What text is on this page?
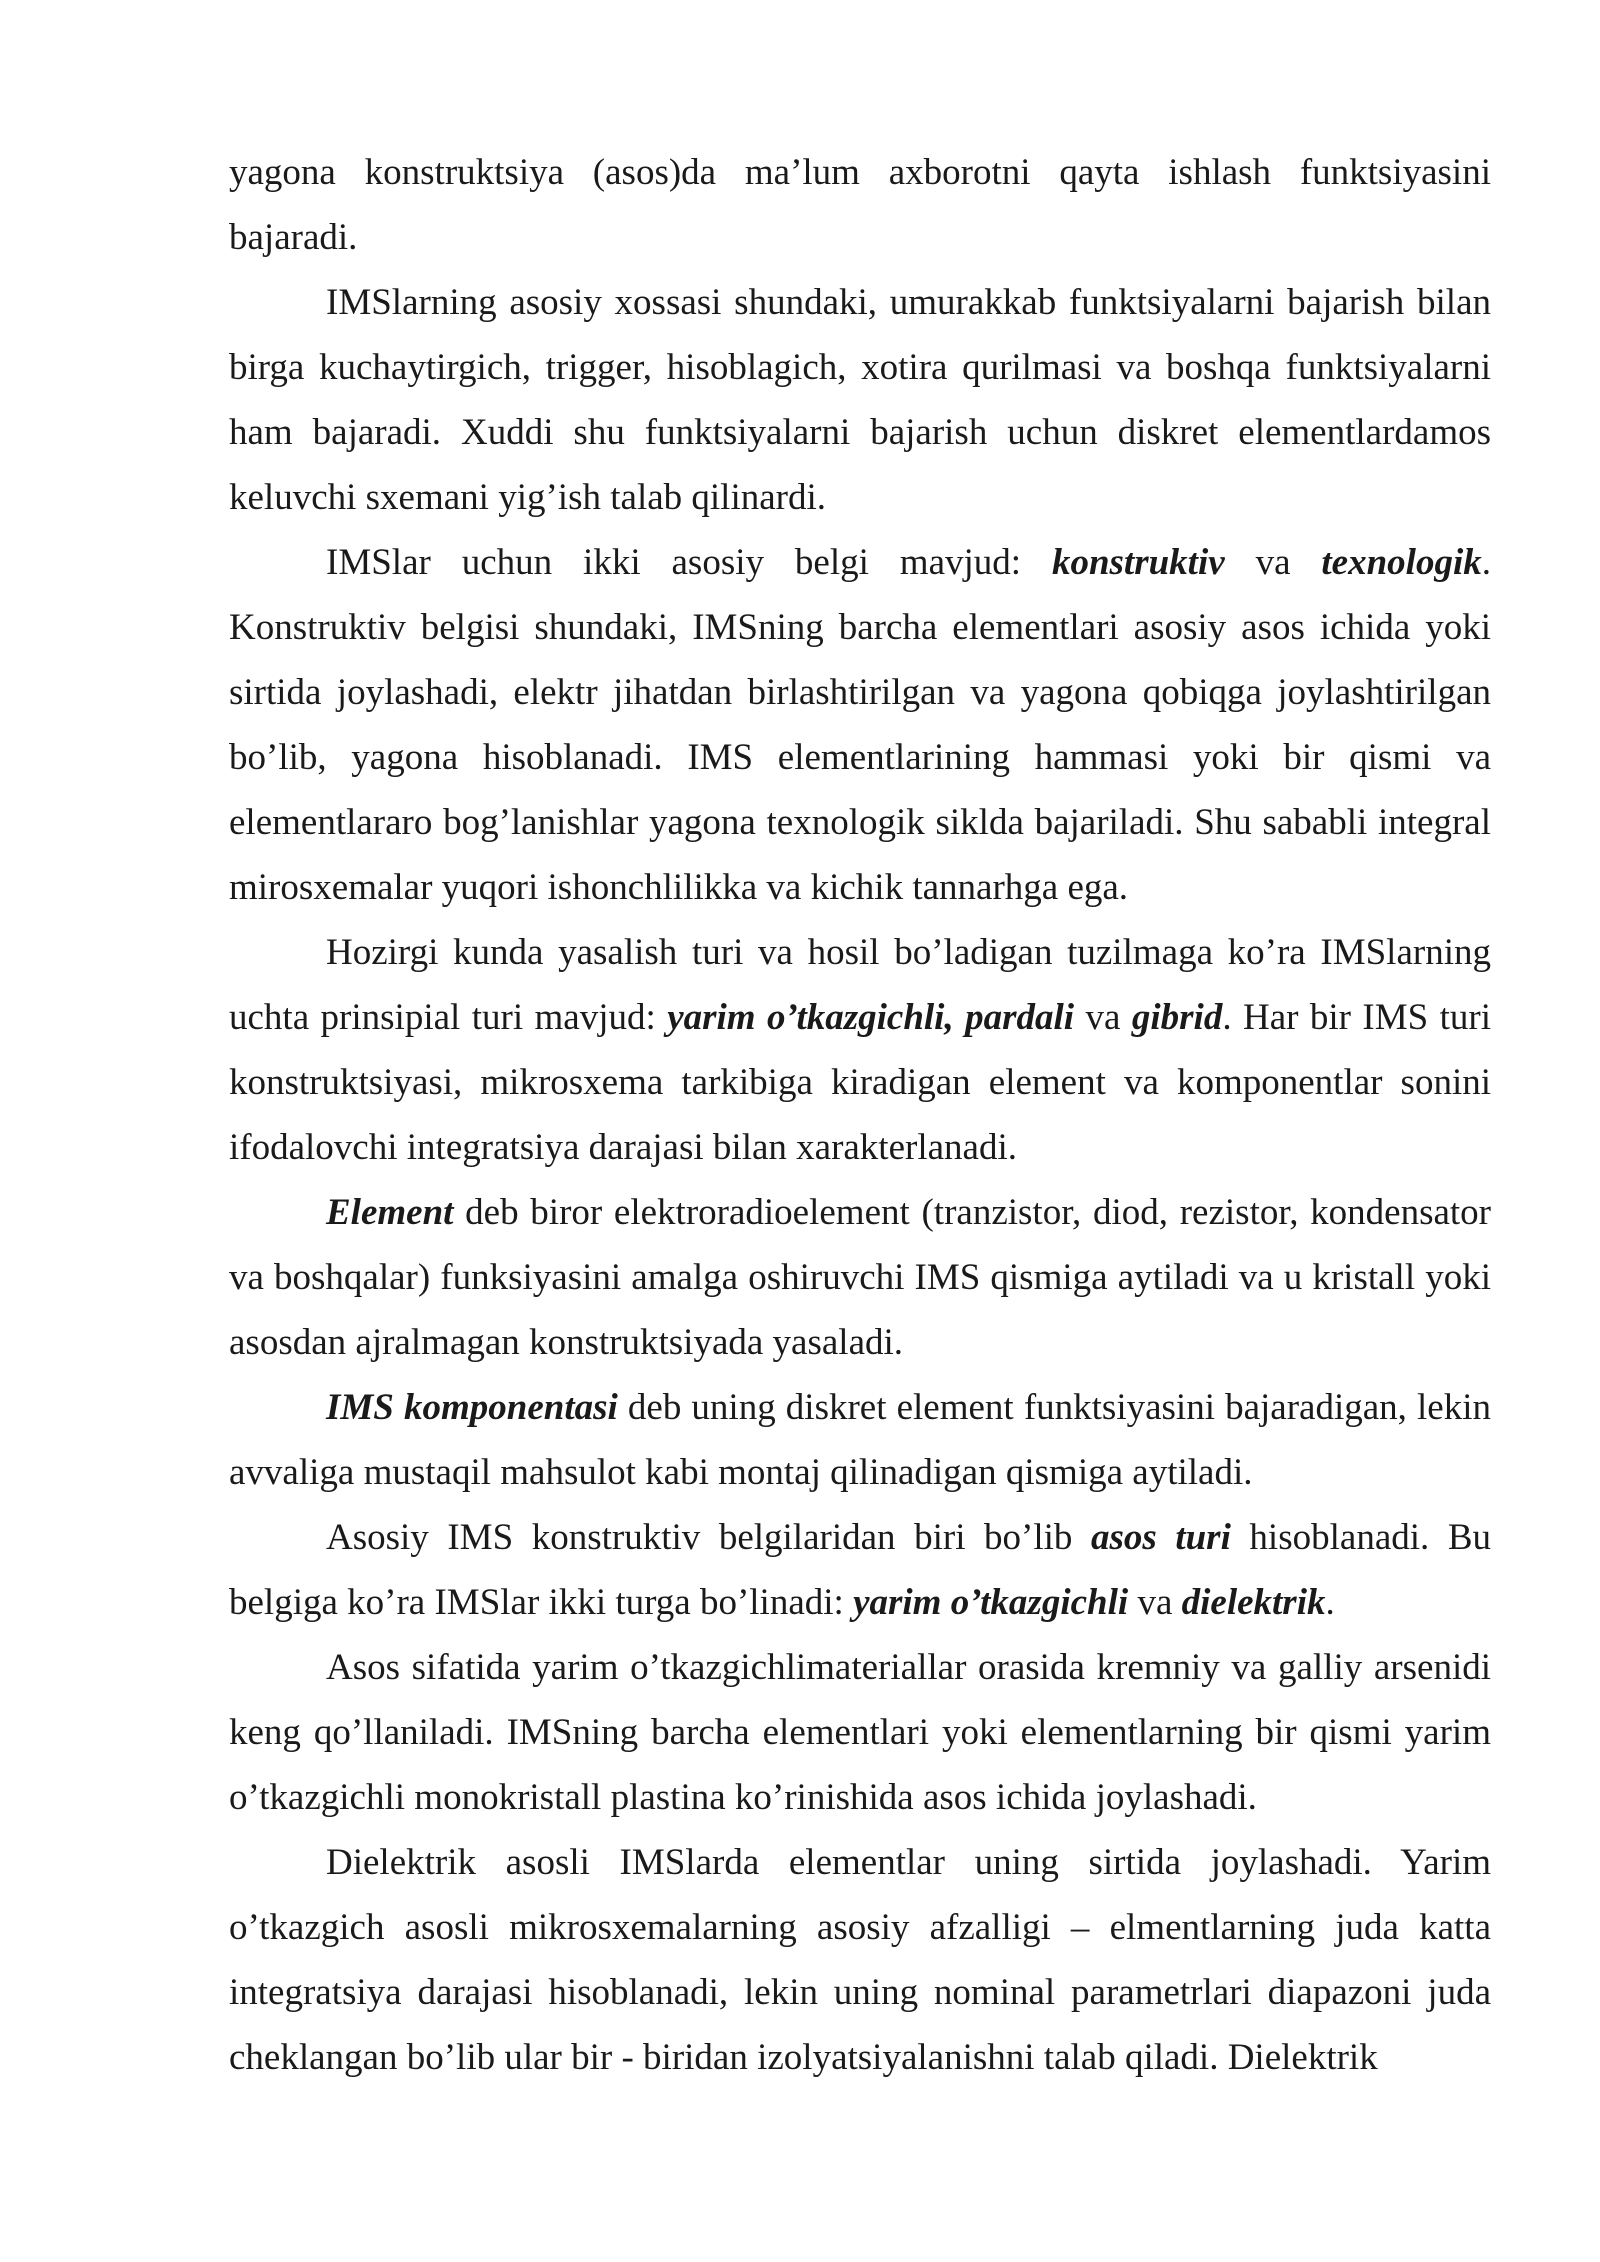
yagona konstruktsiya (asos)da ma’lum axborotni qayta ishlash funktsiyasini bajaradi.

IMSlarning asosiy xossasi shundaki, umurakkab funktsiyalarni bajarish bilan birga kuchaytirgich, trigger, hisoblagich, xotira qurilmasi va boshqa funktsiyalarni ham bajaradi. Xuddi shu funktsiyalarni bajarish uchun diskret elementlardamos keluvchi sxemani yig’ish talab qilinardi.

IMSlar uchun ikki asosiy belgi mavjud: konstruktiv va texnologik. Konstruktiv belgisi shundaki, IMSning barcha elementlari asosiy asos ichida yoki sirtida joylashadi, elektr jihatdan birlashtirilgan va yagona qobiqga joylashtirilgan bo’lib, yagona hisoblanadi. IMS elementlarining hammasi yoki bir qismi va elementlararo bog’lanishlar yagona texnologik siklda bajariladi. Shu sababli integral mirosxemalar yuqori ishonchlilikka va kichik tannarhga ega.

Hozirgi kunda yasalish turi va hosil bo’ladigan tuzilmaga ko’ra IMSlarning uchta prinsipial turi mavjud: yarim o’tkazgichli, pardali va gibrid. Har bir IMS turi konstruktsiyasi, mikrosxema tarkibiga kiradigan element va komponentlar sonini ifodalovchi integratsiya darajasi bilan xarakterlanadi.

Element deb biror elektroradioelement (tranzistor, diod, rezistor, kondensator va boshqalar) funksiyasini amalga oshiruvchi IMS qismiga aytiladi va u kristall yoki asosdan ajralmagan konstruktsiyada yasaladi.

IMS komponentasi deb uning diskret element funktsiyasini bajaradigan, lekin avvaliga mustaqil mahsulot kabi montaj qilinadigan qismiga aytiladi.

Asosiy IMS konstruktiv belgilaridan biri bo’lib asos turi hisoblanadi. Bu belgiga ko’ra IMSlar ikki turga bo’linadi: yarim o’tkazgichli va dielektrik.

Asos sifatida yarim o’tkazgichlimateriallar orasida kremniy va galliy arsenidi keng qo’llaniladi. IMSning barcha elementlari yoki elementlarning bir qismi yarim o’tkazgichli monokristall plastina ko’rinishida asos ichida joylashadi.

Dielektrik asosli IMSlarda elementlar uning sirtida joylashadi. Yarim o’tkazgich asosli mikrosxemalarning asosiy afzalligi – elmentlarning juda katta integratsiya darajasi hisoblanadi, lekin uning nominal parametrlari diapazoni juda cheklangan bo’lib ular bir - biridan izolyatsiyalanishni talab qiladi. Dielektrik
